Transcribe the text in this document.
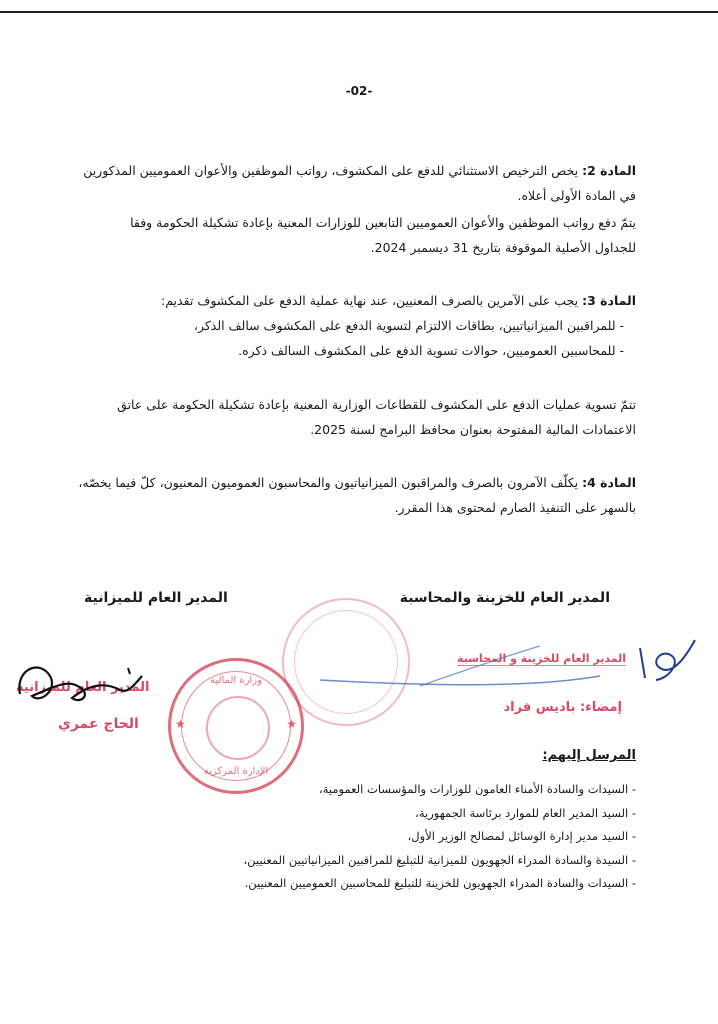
-02-
المادة 2: يخص الترخيص الاستثنائي للدفع على المكشوف، رواتب الموظفين والأعوان العموميين المذكورين
في المادة الأولى أعلاه.
يتمّ دفع رواتب الموظفين والأعوان العموميين التابعين للوزارات المعنية بإعادة تشكيلة الحكومة وفقا
للجداول الأصلية الموقوفة بتاريخ 31 ديسمبر 2024.
المادة 3: يجب على الآمرين بالصرف المعنيين، عند نهاية عملية الدفع على المكشوف تقديم:
- للمراقبين الميزانياتيين، بطاقات الالتزام لتسوية الدفع على المكشوف سالف الذكر،
- للمحاسبين العموميين، حوالات تسوية الدفع على المكشوف السالف ذكره.
تتمّ تسوية عمليات الدفع على المكشوف للقطاعات الوزارية المعنية بإعادة تشكيلة الحكومة على عاتق
الاعتمادات المالية المفتوحة بعنوان محافظ البرامج لسنة 2025.
المادة 4: يكلّف الآمرون بالصرف والمراقبون الميزانياتيون والمحاسبون العموميون المعنيون، كلّ فيما يخصّه،
بالسهر على التنفيذ الصارم لمحتوى هذا المقرر.
المدير العام للخزينة والمحاسبة
المدير العام للميزانية
وزارة المالية
الإدارة المركزية
★	★
المدير العام للخزينة و المحاسبة
إمضاء: باديس فراد
المدير العام للميزانية
الحاج عمري
المرسل إليهم:
- السيدات والسادة الأمناء العامون للوزارات والمؤسسات العمومية،
- السيد المدير العام للموارد برئاسة الجمهورية،
- السيد مدير إدارة الوسائل لمصالح الوزير الأول،
- السيدة والسادة المدراء الجهويون للميزانية للتبليغ للمراقبين الميزانياتيين المعنيين،
- السيدات والسادة المدراء الجهويون للخزينة للتبليغ للمحاسبين العموميين المعنيين.
